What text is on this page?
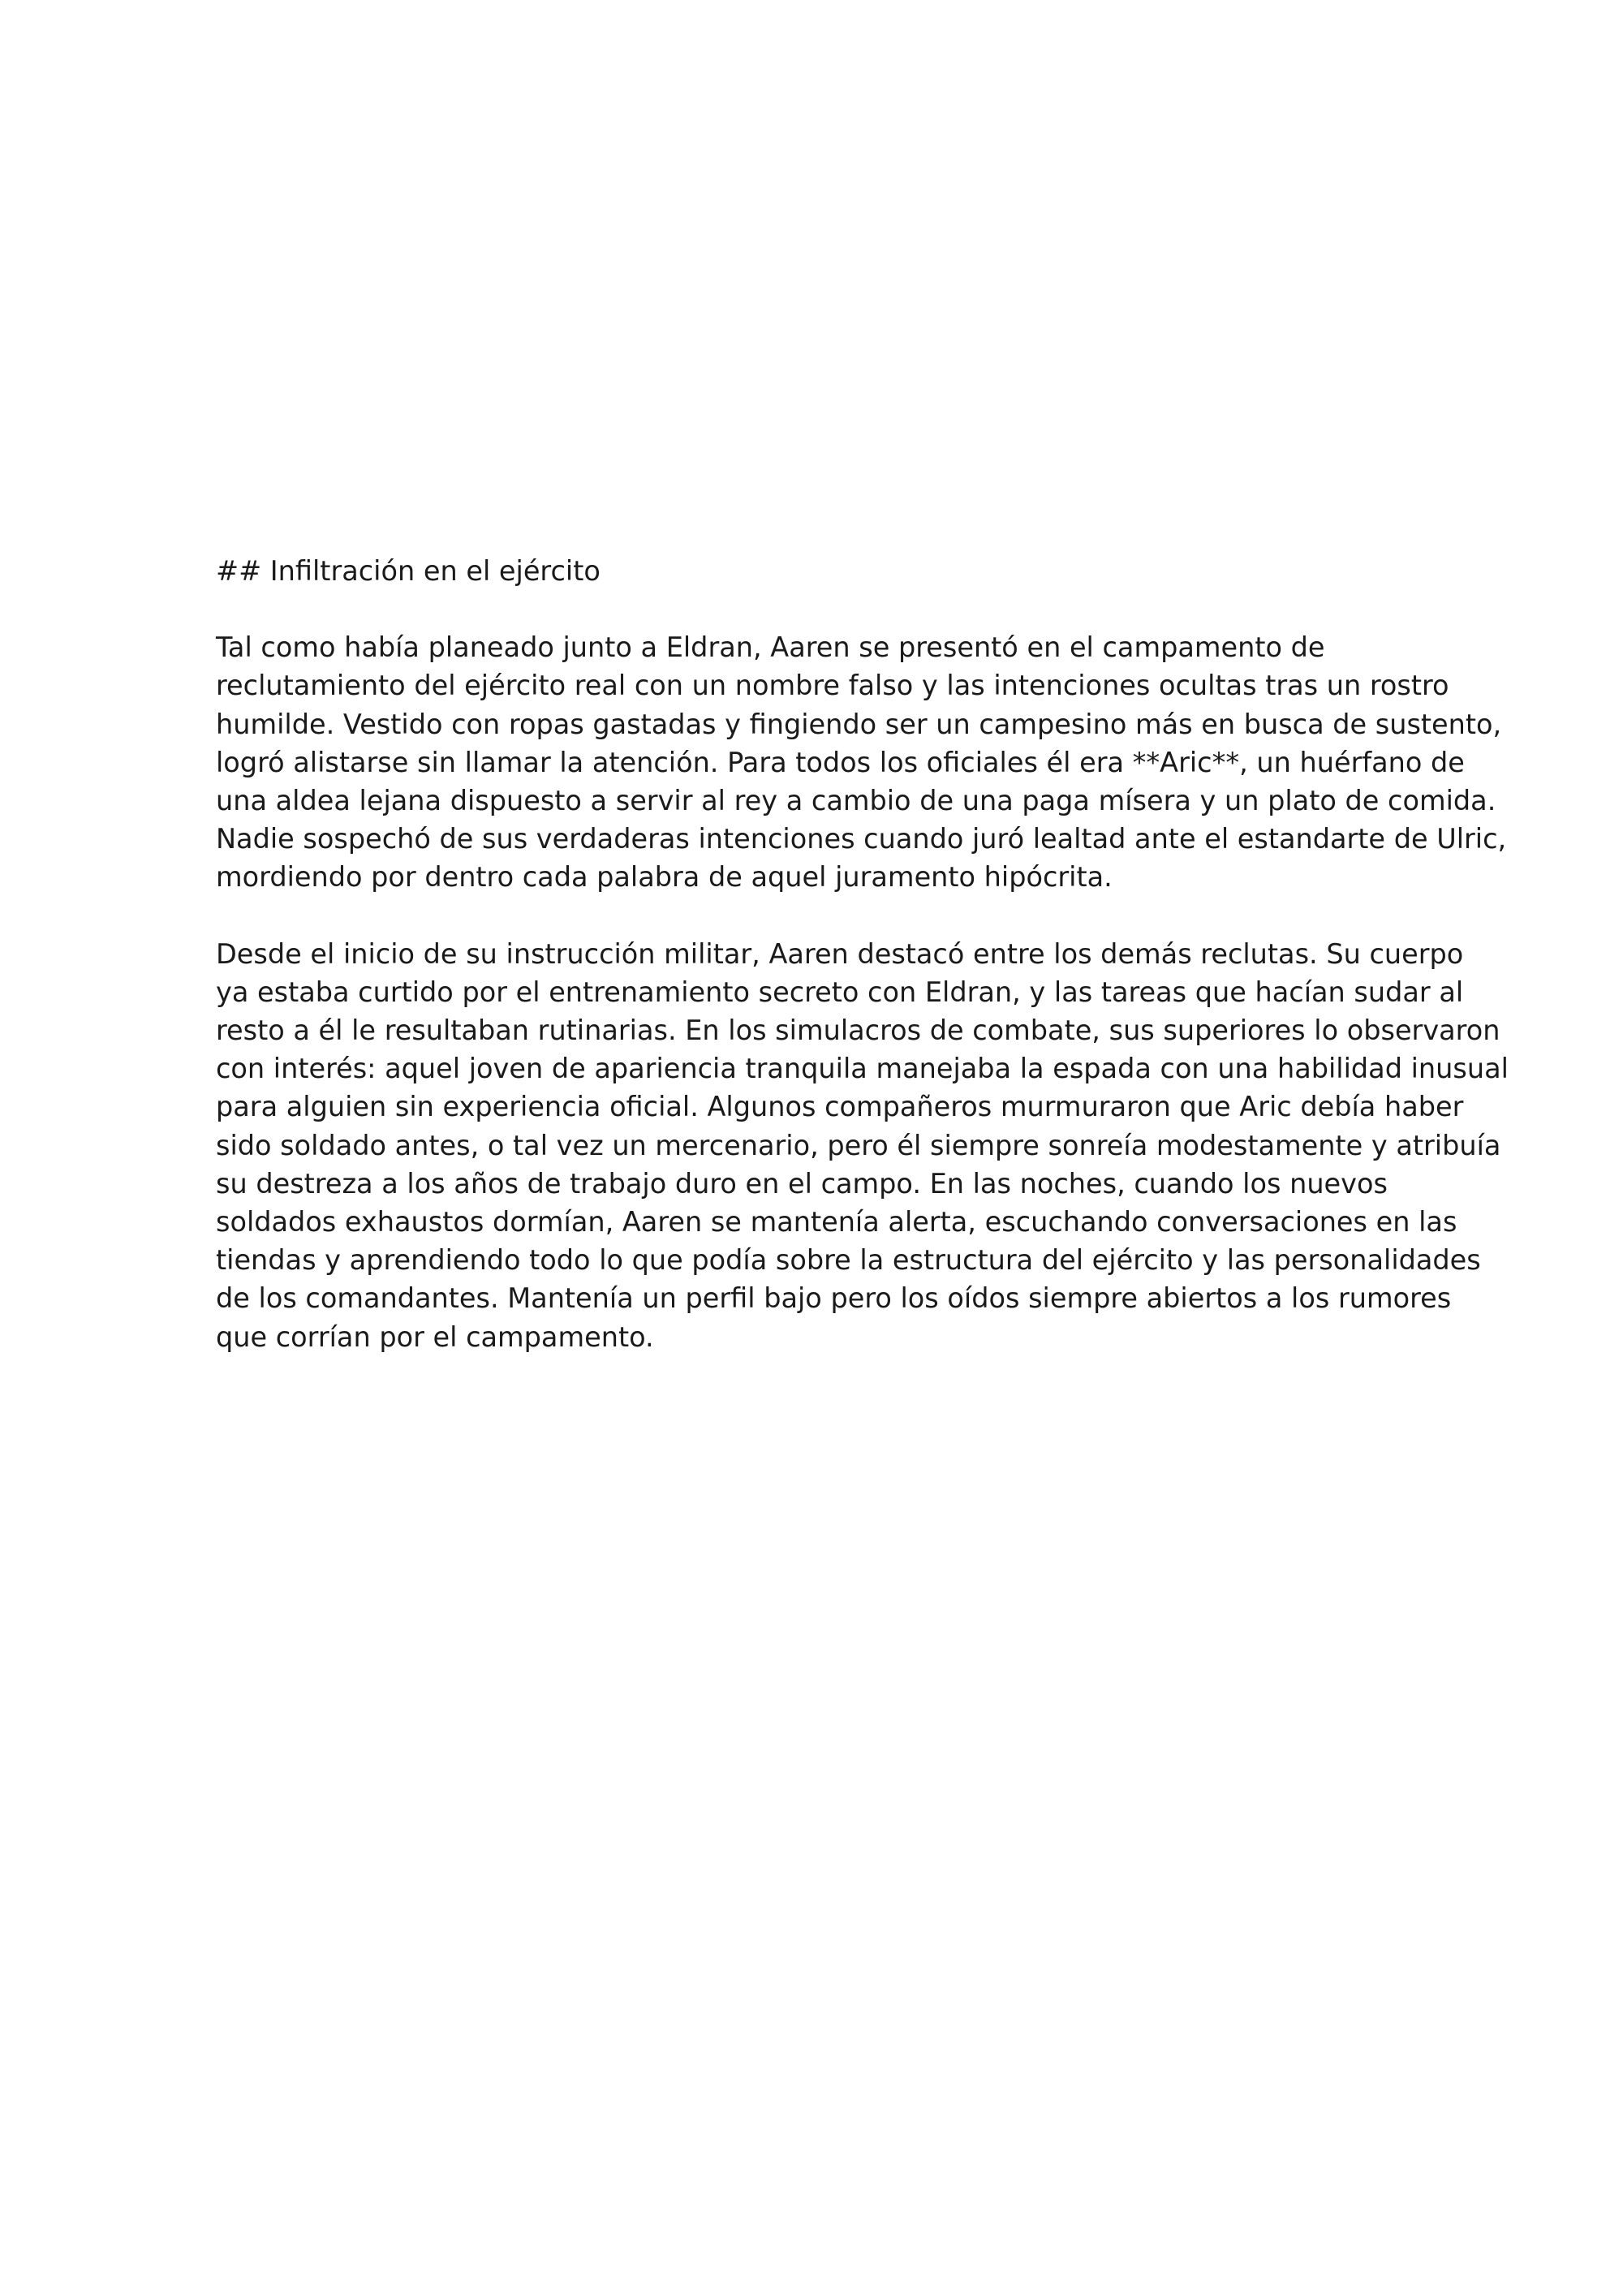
## Infiltración en el ejército
Tal como había planeado junto a Eldran, Aaren se presentó en el campamento de
reclutamiento del ejército real con un nombre falso y las intenciones ocultas tras un rostro
humilde. Vestido con ropas gastadas y fingiendo ser un campesino más en busca de sustento,
logró alistarse sin llamar la atención. Para todos los oficiales él era **Aric**, un huérfano de
una aldea lejana dispuesto a servir al rey a cambio de una paga mísera y un plato de comida.
Nadie sospechó de sus verdaderas intenciones cuando juró lealtad ante el estandarte de Ulric,
mordiendo por dentro cada palabra de aquel juramento hipócrita.
Desde el inicio de su instrucción militar, Aaren destacó entre los demás reclutas. Su cuerpo
ya estaba curtido por el entrenamiento secreto con Eldran, y las tareas que hacían sudar al
resto a él le resultaban rutinarias. En los simulacros de combate, sus superiores lo observaron
con interés: aquel joven de apariencia tranquila manejaba la espada con una habilidad inusual
para alguien sin experiencia oficial. Algunos compañeros murmuraron que Aric debía haber
sido soldado antes, o tal vez un mercenario, pero él siempre sonreía modestamente y atribuía
su destreza a los años de trabajo duro en el campo. En las noches, cuando los nuevos
soldados exhaustos dormían, Aaren se mantenía alerta, escuchando conversaciones en las
tiendas y aprendiendo todo lo que podía sobre la estructura del ejército y las personalidades
de los comandantes. Mantenía un perfil bajo pero los oídos siempre abiertos a los rumores
que corrían por el campamento.
